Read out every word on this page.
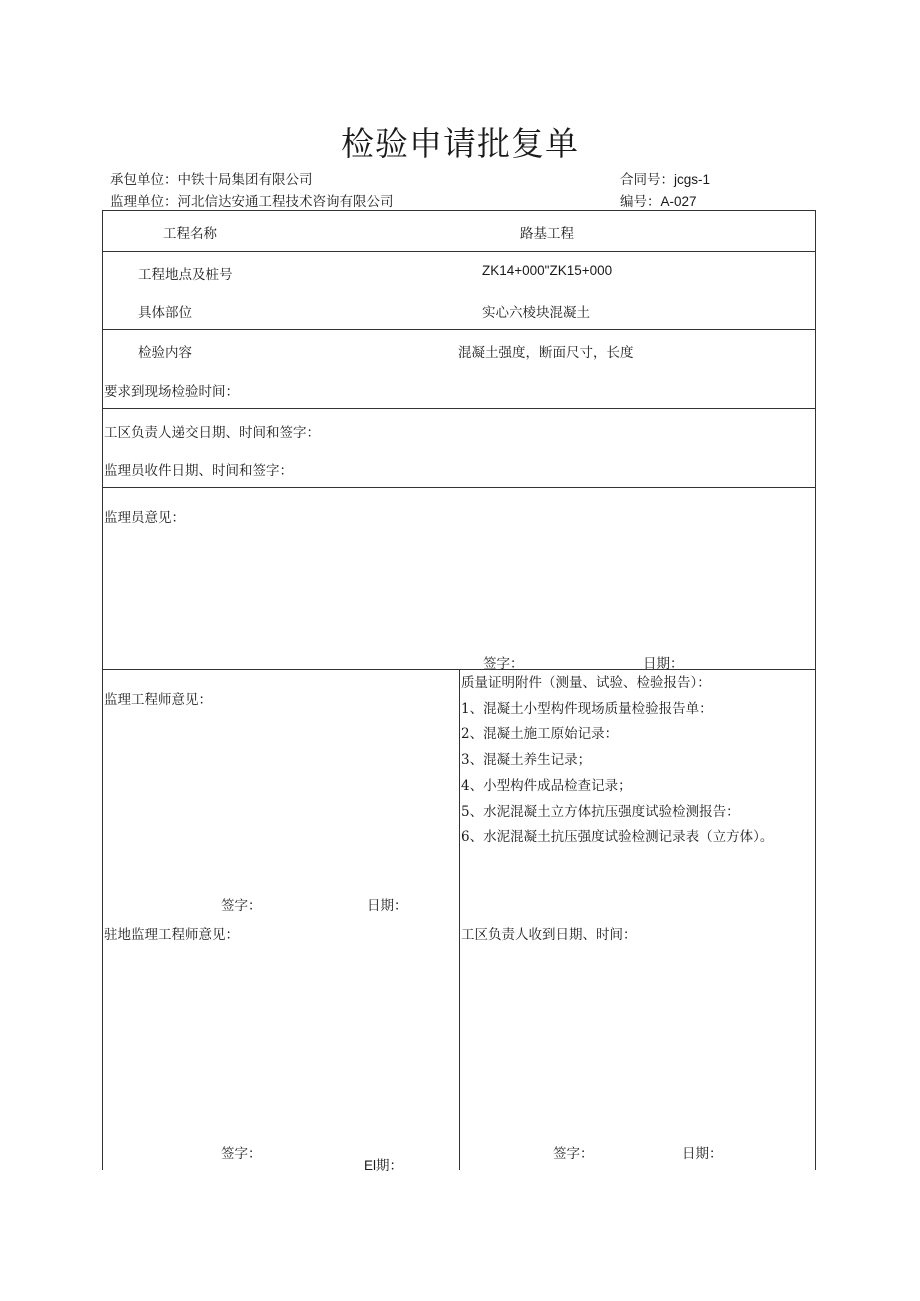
检验申请批复单
承包单位：中铁十局集团有限公司	合同号：jcgs-1
监理单位：河北信达安通工程技术咨询有限公司	编号：A-027
工程名称	路基工程
工程地点及桩号	ZK14+000"ZK15+000
具体部位	实心六棱块混凝土
检验内容	混凝土强度，断面尺寸，长度
要求到现场检验时间：
工区负责人递交日期、时间和签字：
监理员收件日期、时间和签字：
监理员意见：
签字：	日期：
监理工程师意见：
签字：	日期：
质量证明附件（测量、试验、检验报告）：
1、混凝土小型构件现场质量检验报告单：
2、混凝土施工原始记录：
3、混凝土养生记录；
4、小型构件成品检查记录；
5、水泥混凝土立方体抗压强度试验检测报告：
6、水泥混凝土抗压强度试验检测记录表（立方体）。
驻地监理工程师意见：
签字：
El期：
工区负责人收到日期、时间：
签字：	日期：
